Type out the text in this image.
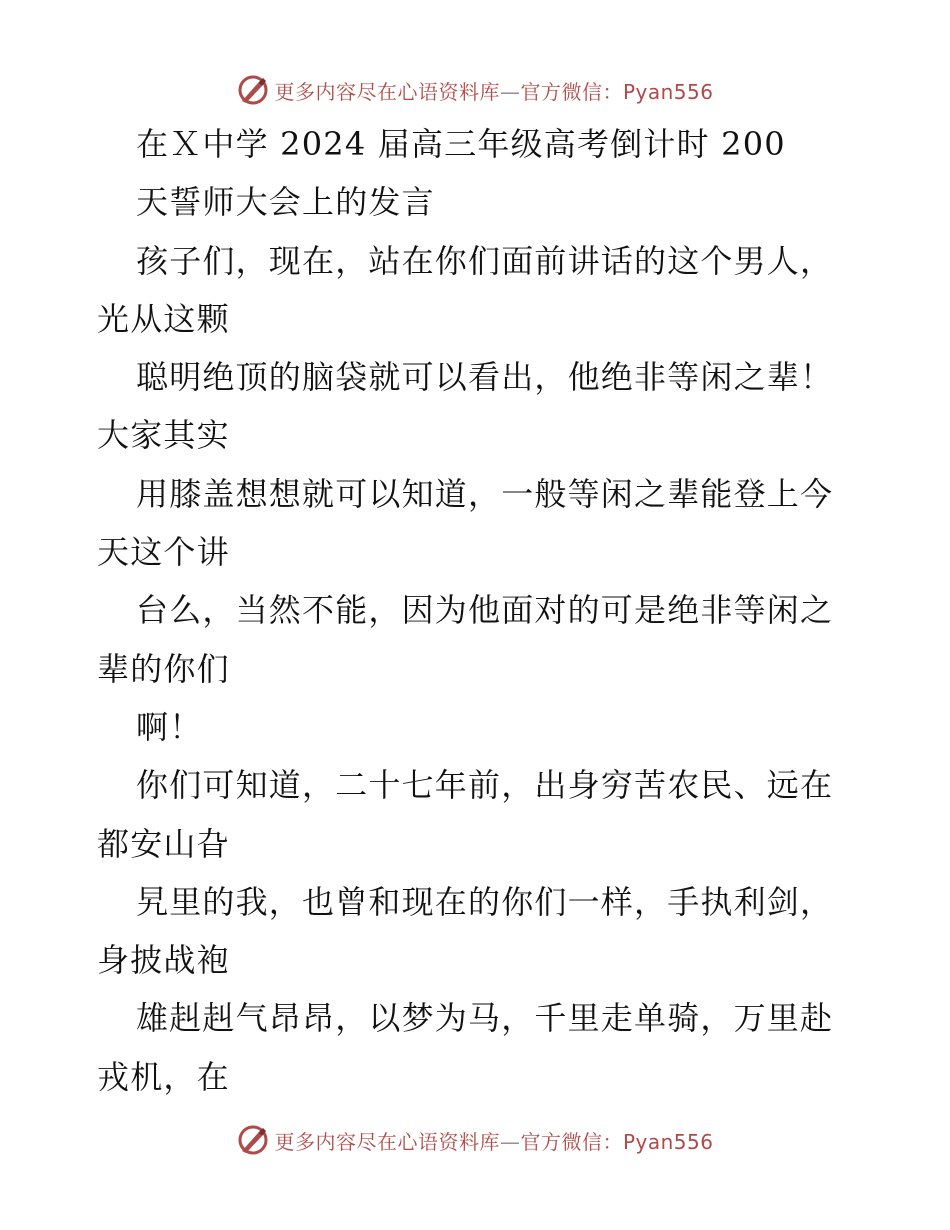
更多内容尽在心语资料库—官方微信：Pyan556
在Ｘ中学 2024 届高三年级高考倒计时 200
天誓师大会上的发言
孩子们，现在，站在你们面前讲话的这个男人，
光从这颗
聪明绝顶的脑袋就可以看出，他绝非等闲之辈！
大家其实
用膝盖想想就可以知道，一般等闲之辈能登上今
天这个讲
台么，当然不能，因为他面对的可是绝非等闲之
辈的你们
啊！
你们可知道，二十七年前，出身穷苦农民、远在
都安山旮
旯里的我，也曾和现在的你们一样，手执利剑，
身披战袍
雄赳赳气昂昂，以梦为马，千里走单骑，万里赴
戎机，在
更多内容尽在心语资料库—官方微信：Pyan556
